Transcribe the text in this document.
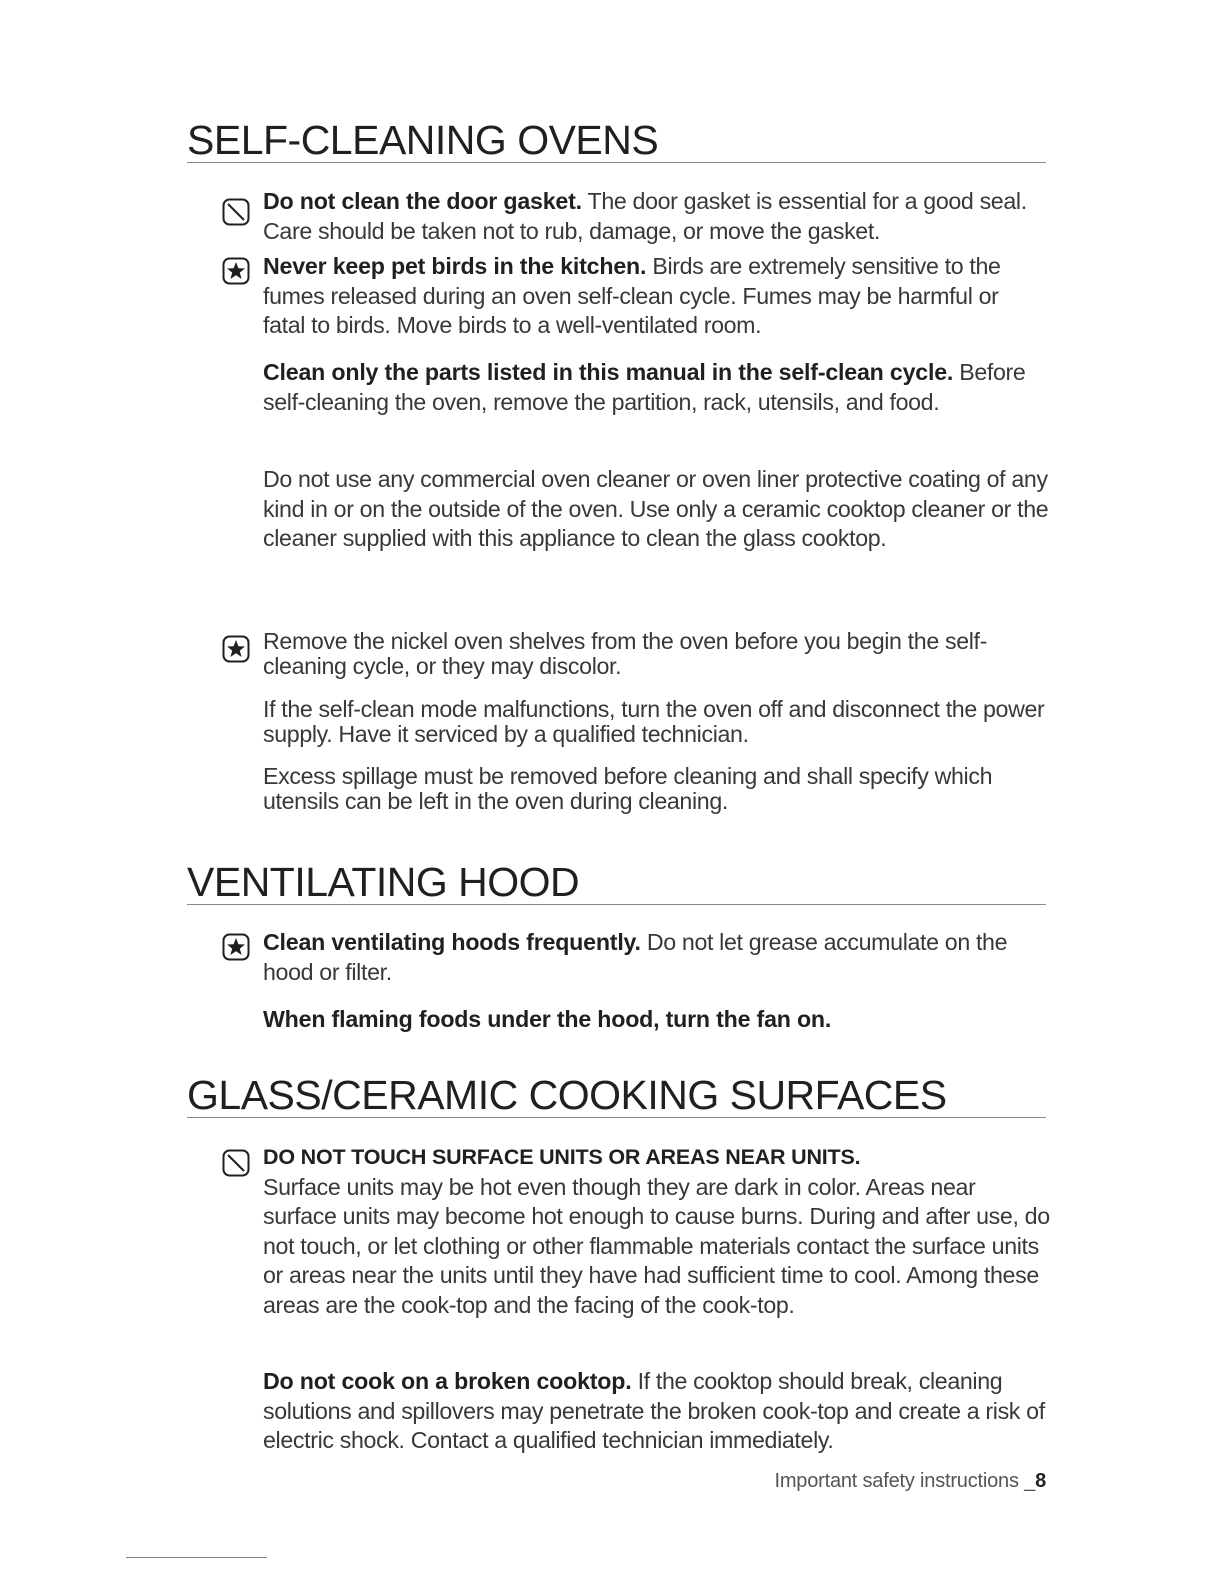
SELF-CLEANING OVENS

Do not clean the door gasket. The door gasket is essential for a good seal. Care should be taken not to rub, damage, or move the gasket.

Never keep pet birds in the kitchen. Birds are extremely sensitive to the fumes released during an oven self-clean cycle. Fumes may be harmful or fatal to birds. Move birds to a well-ventilated room.

Clean only the parts listed in this manual in the self-clean cycle. Before self-cleaning the oven, remove the partition, rack, utensils, and food.

Do not use any commercial oven cleaner or oven liner protective coating of any kind in or on the outside of the oven. Use only a ceramic cooktop cleaner or the cleaner supplied with this appliance to clean the glass cooktop.

Remove the nickel oven shelves from the oven before you begin the self-cleaning cycle, or they may discolor.

If the self-clean mode malfunctions, turn the oven off and disconnect the power supply. Have it serviced by a qualified technician.

Excess spillage must be removed before cleaning and shall specify which utensils can be left in the oven during cleaning.

VENTILATING HOOD

Clean ventilating hoods frequently. Do not let grease accumulate on the hood or filter.

When flaming foods under the hood, turn the fan on.

GLASS/CERAMIC COOKING SURFACES

DO NOT TOUCH SURFACE UNITS OR AREAS NEAR UNITS.
Surface units may be hot even though they are dark in color. Areas near surface units may become hot enough to cause burns. During and after use, do not touch, or let clothing or other flammable materials contact the surface units or areas near the units until they have had sufficient time to cool. Among these areas are the cook-top and the facing of the cook-top.

Do not cook on a broken cooktop. If the cooktop should break, cleaning solutions and spillovers may penetrate the broken cook-top and create a risk of electric shock. Contact a qualified technician immediately.

Important safety instructions _8
